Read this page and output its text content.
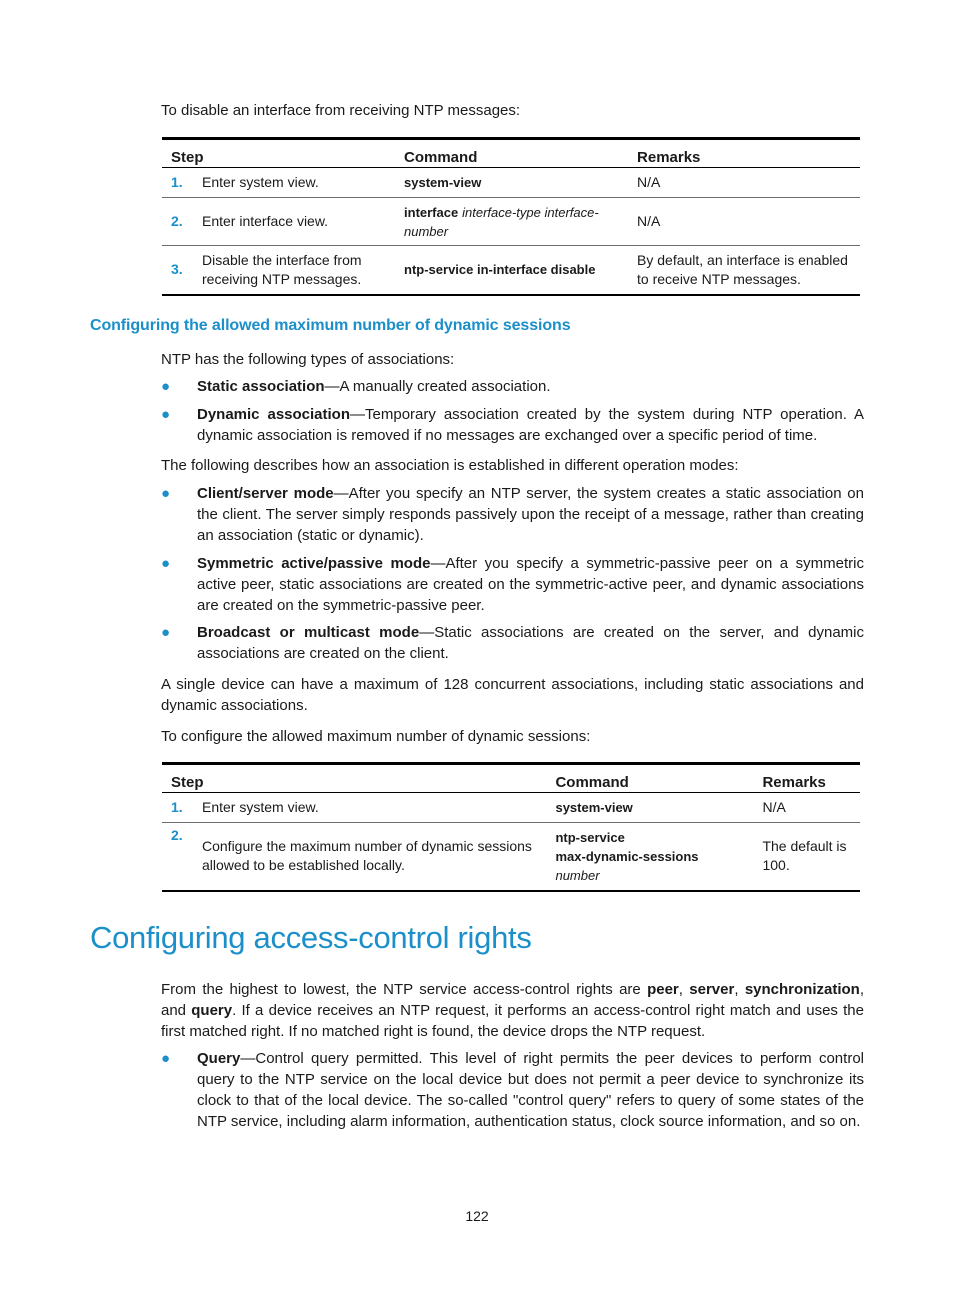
To disable an interface from receiving NTP messages:

Step		Command	Remarks
1.	Enter system view.	system-view	N/A
2.	Enter interface view.	interface interface-type interface-number	N/A
3.	Disable the interface from receiving NTP messages.	ntp-service in-interface disable	By default, an interface is enabled to receive NTP messages.
Configuring the allowed maximum number of dynamic sessions

NTP has the following types of associations:

● Static association—A manually created association.
● Dynamic association—Temporary association created by the system during NTP operation. A dynamic association is removed if no messages are exchanged over a specific period of time.

The following describes how an association is established in different operation modes:

● Client/server mode—After you specify an NTP server, the system creates a static association on the client. The server simply responds passively upon the receipt of a message, rather than creating an association (static or dynamic).
● Symmetric active/passive mode—After you specify a symmetric-passive peer on a symmetric active peer, static associations are created on the symmetric-active peer, and dynamic associations are created on the symmetric-passive peer.
● Broadcast or multicast mode—Static associations are created on the server, and dynamic associations are created on the client.

A single device can have a maximum of 128 concurrent associations, including static associations and dynamic associations.

To configure the allowed maximum number of dynamic sessions:

Step		Command	Remarks
1.	Enter system view.	system-view	N/A
2.	Configure the maximum number of dynamic sessions allowed to be established locally.	ntp-service
max-dynamic-sessions
number	The default is 100.
Configuring access-control rights

From the highest to lowest, the NTP service access-control rights are peer, server, synchronization, and query. If a device receives an NTP request, it performs an access-control right match and uses the first matched right. If no matched right is found, the device drops the NTP request.

● Query—Control query permitted. This level of right permits the peer devices to perform control query to the NTP service on the local device but does not permit a peer device to synchronize its clock to that of the local device. The so-called "control query" refers to query of some states of the NTP service, including alarm information, authentication status, clock source information, and so on.
122
